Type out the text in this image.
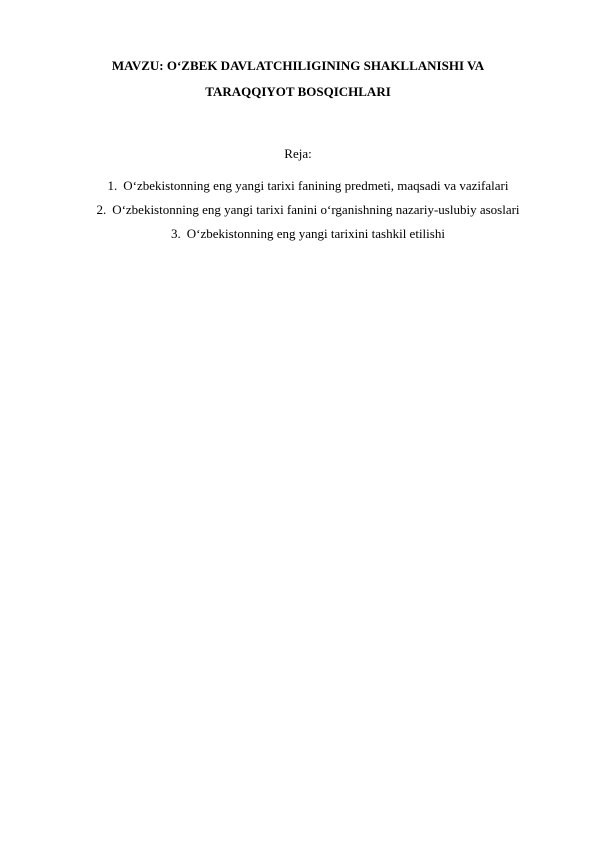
MAVZU: O‘ZBEK DAVLATCHILIGINING SHAKLLANISHI VA
TARAQQIYOT BOSQICHLARI
Reja:
1. O‘zbekistonning eng yangi tarixi fanining predmeti, maqsadi va vazifalari
2. O‘zbekistonning eng yangi tarixi fanini o‘rganishning nazariy-uslubiy asoslari
3. O‘zbekistonning eng yangi tarixini tashkil etilishi
